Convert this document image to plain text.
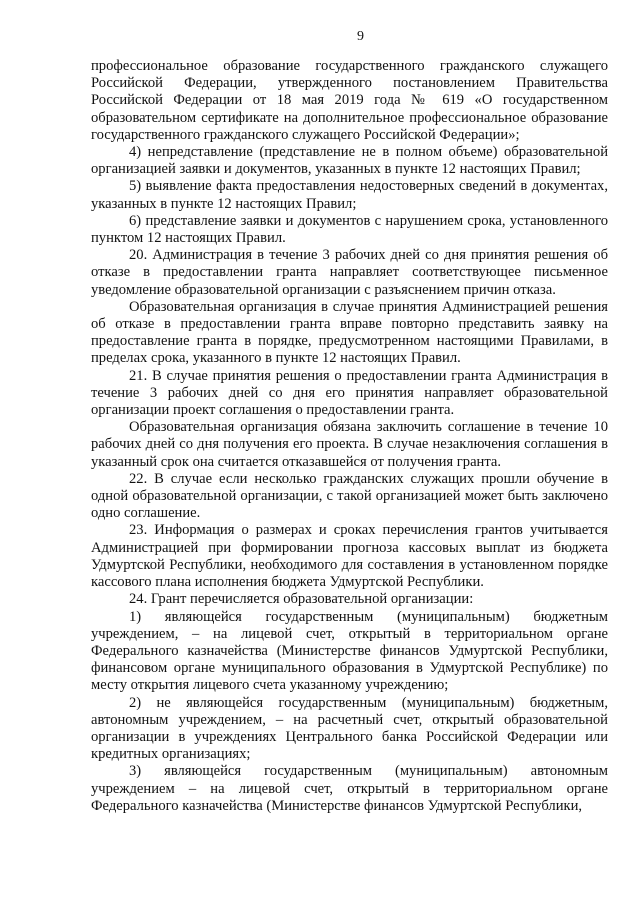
9

профессиональное образование государственного гражданского служащего Российской Федерации, утвержденного постановлением Правительства Российской Федерации от 18 мая 2019 года № 619 «О государственном образовательном сертификате на дополнительное профессиональное образование государственного гражданского служащего Российской Федерации»;

4) непредставление (представление не в полном объеме) образовательной организацией заявки и документов, указанных в пункте 12 настоящих Правил;

5) выявление факта предоставления недостоверных сведений в документах, указанных в пункте 12 настоящих Правил;

6) представление заявки и документов с нарушением срока, установленного пунктом 12 настоящих Правил.

20. Администрация в течение 3 рабочих дней со дня принятия решения об отказе в предоставлении гранта направляет соответствующее письменное уведомление образовательной организации с разъяснением причин отказа.

Образовательная организация в случае принятия Администрацией решения об отказе в предоставлении гранта вправе повторно представить заявку на предоставление гранта в порядке, предусмотренном настоящими Правилами, в пределах срока, указанного в пункте 12 настоящих Правил.

21. В случае принятия решения о предоставлении гранта Администрация в течение 3 рабочих дней со дня его принятия направляет образовательной организации проект соглашения о предоставлении гранта.

Образовательная организация обязана заключить соглашение в течение 10 рабочих дней со дня получения его проекта. В случае незаключения соглашения в указанный срок она считается отказавшейся от получения гранта.

22. В случае если несколько гражданских служащих прошли обучение в одной образовательной организации, с такой организацией может быть заключено одно соглашение.

23. Информация о размерах и сроках перечисления грантов учитывается Администрацией при формировании прогноза кассовых выплат из бюджета Удмуртской Республики, необходимого для составления в установленном порядке кассового плана исполнения бюджета Удмуртской Республики.

24. Грант перечисляется образовательной организации:

1) являющейся государственным (муниципальным) бюджетным учреждением, – на лицевой счет, открытый в территориальном органе Федерального казначейства (Министерстве финансов Удмуртской Республики, финансовом органе муниципального образования в Удмуртской Республике) по месту открытия лицевого счета указанному учреждению;

2) не являющейся государственным (муниципальным) бюджетным, автономным учреждением, – на расчетный счет, открытый образовательной организации в учреждениях Центрального банка Российской Федерации или кредитных организациях;

3) являющейся государственным (муниципальным) автономным учреждением – на лицевой счет, открытый в территориальном органе Федерального казначейства (Министерстве финансов Удмуртской Республики,
